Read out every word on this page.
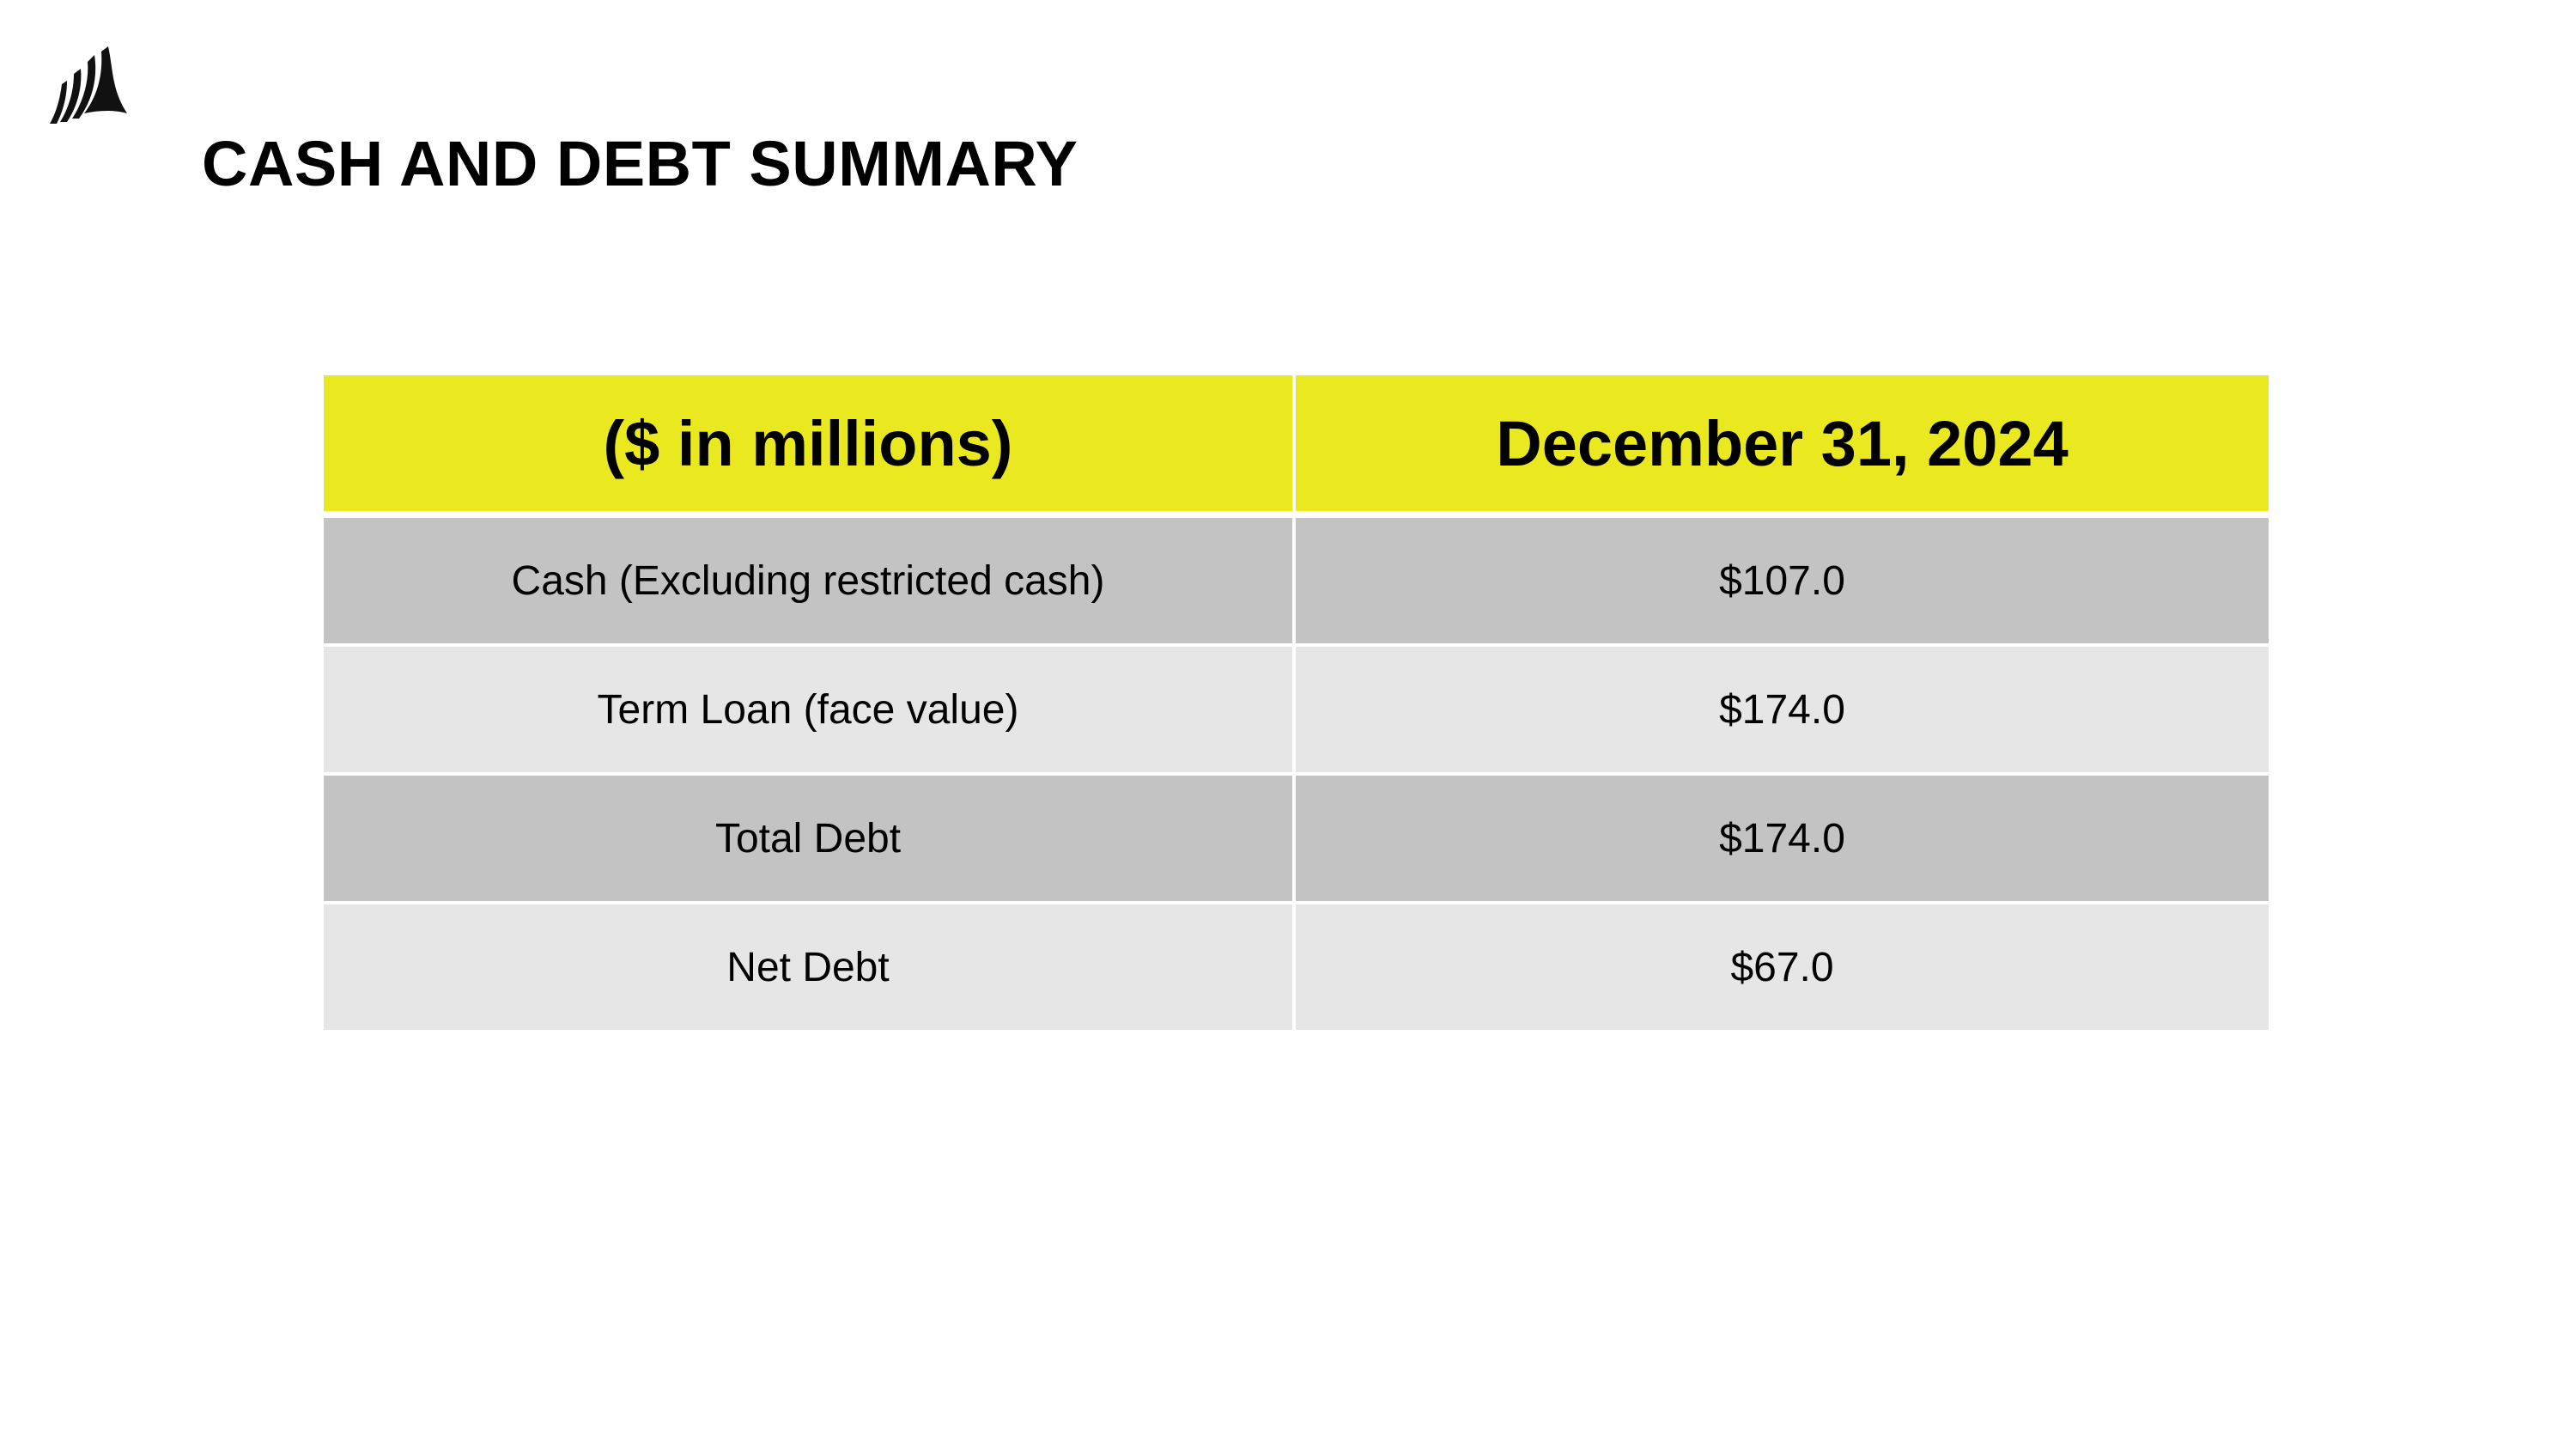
CASH AND DEBT SUMMARY
($ in millions)	December 31, 2024
Cash (Excluding restricted cash)	$107.0
Term Loan (face value)	$174.0
Total Debt	$174.0
Net Debt	$67.0
